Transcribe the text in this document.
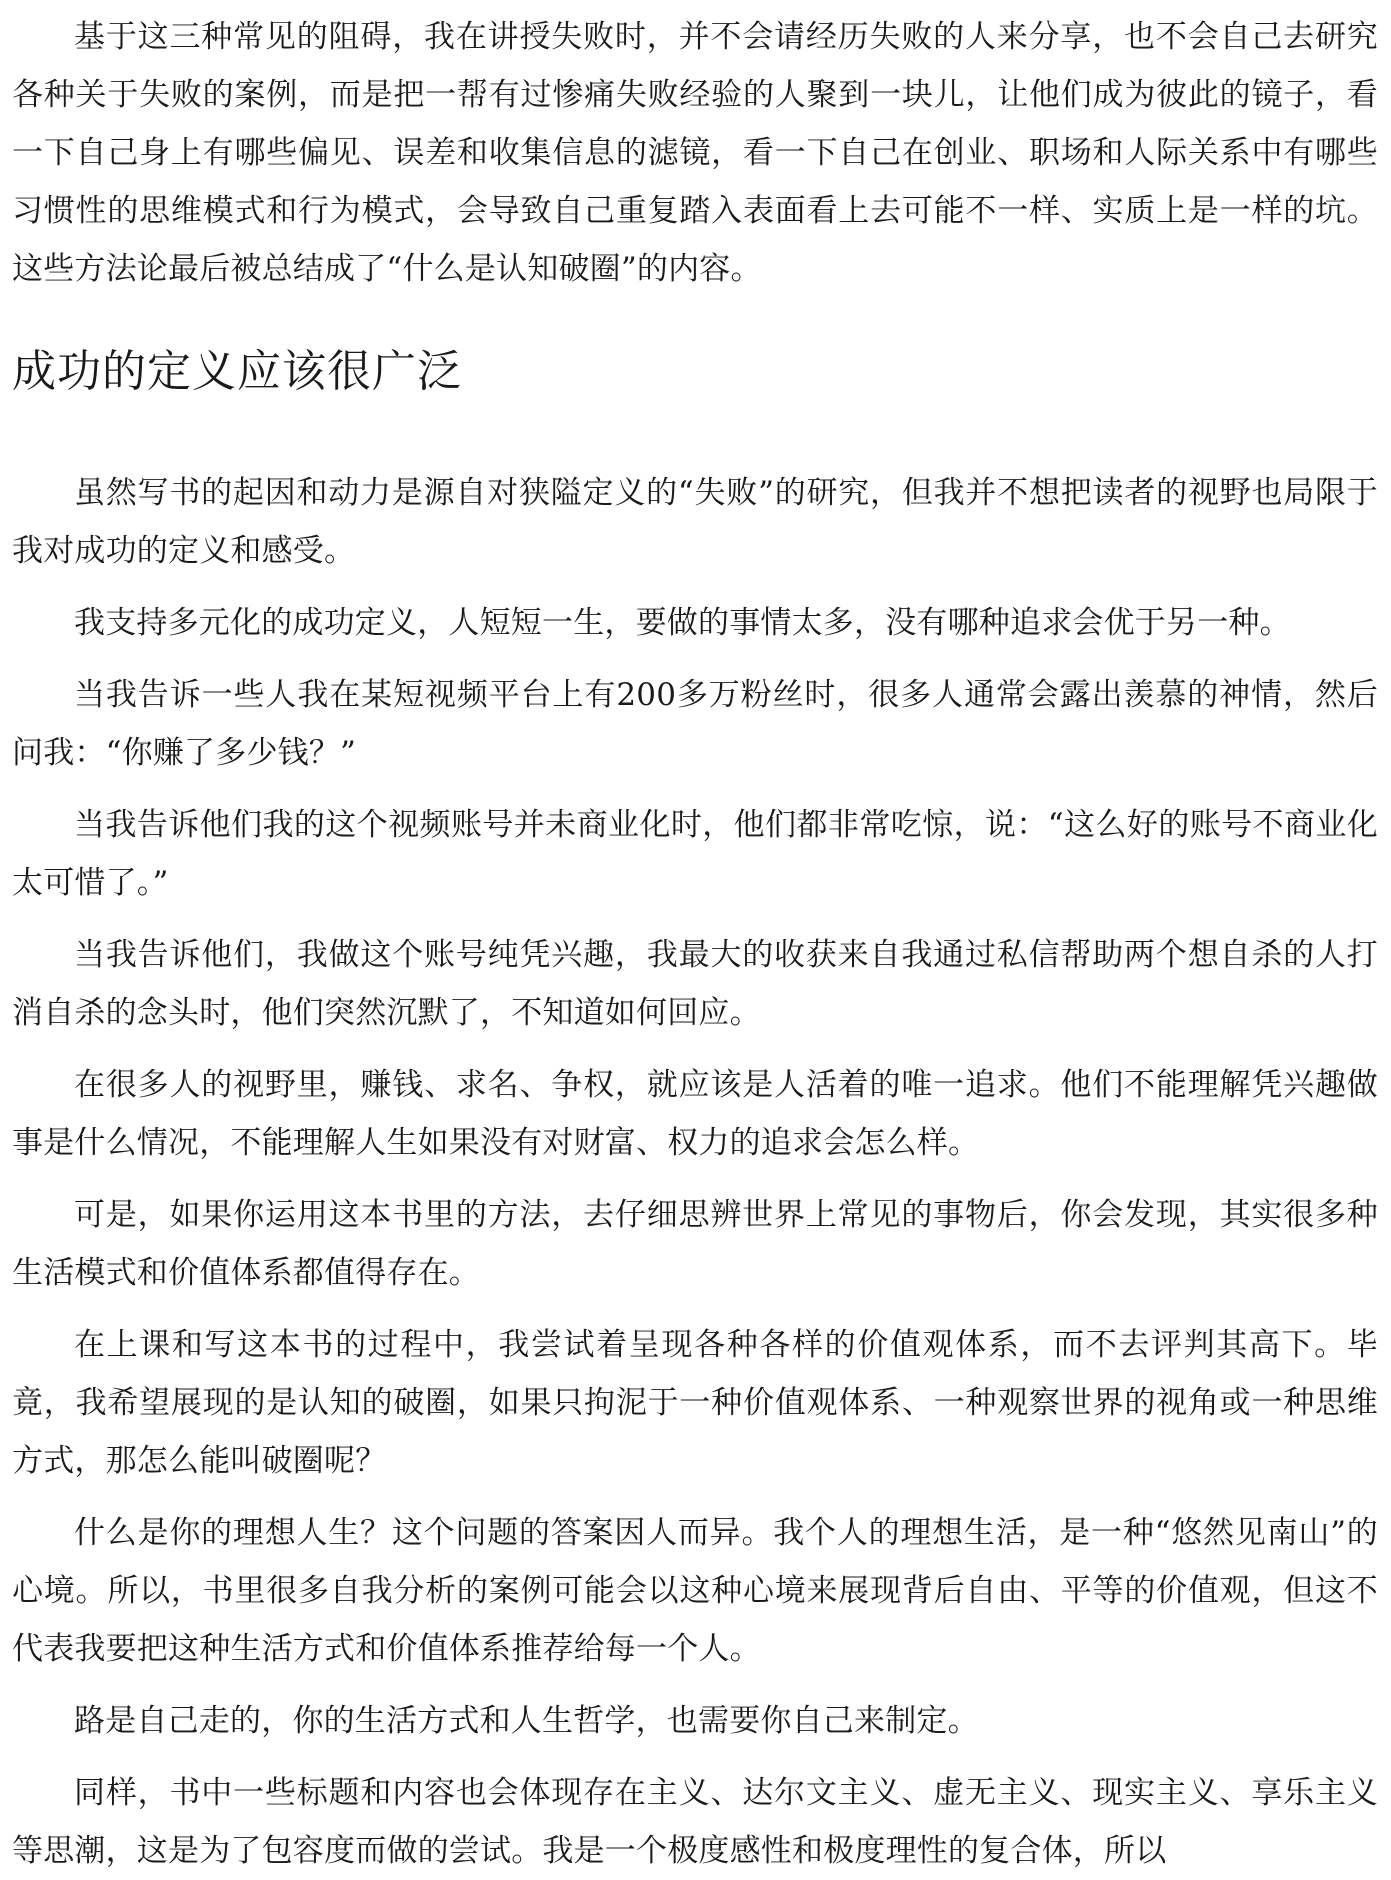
基于这三种常见的阻碍，我在讲授失败时，并不会请经历失败的人来分享，也不会自己去研究各种关于失败的案例，而是把一帮有过惨痛失败经验的人聚到一块儿，让他们成为彼此的镜子，看一下自己身上有哪些偏见、误差和收集信息的滤镜，看一下自己在创业、职场和人际关系中有哪些习惯性的思维模式和行为模式，会导致自己重复踏入表面看上去可能不一样、实质上是一样的坑。这些方法论最后被总结成了“什么是认知破圈”的内容。

成功的定义应该很广泛

虽然写书的起因和动力是源自对狭隘定义的“失败”的研究，但我并不想把读者的视野也局限于我对成功的定义和感受。

我支持多元化的成功定义，人短短一生，要做的事情太多，没有哪种追求会优于另一种。

当我告诉一些人我在某短视频平台上有200多万粉丝时，很多人通常会露出羡慕的神情，然后问我：“你赚了多少钱？”

当我告诉他们我的这个视频账号并未商业化时，他们都非常吃惊，说：“这么好的账号不商业化太可惜了。”

当我告诉他们，我做这个账号纯凭兴趣，我最大的收获来自我通过私信帮助两个想自杀的人打消自杀的念头时，他们突然沉默了，不知道如何回应。

在很多人的视野里，赚钱、求名、争权，就应该是人活着的唯一追求。他们不能理解凭兴趣做事是什么情况，不能理解人生如果没有对财富、权力的追求会怎么样。

可是，如果你运用这本书里的方法，去仔细思辨世界上常见的事物后，你会发现，其实很多种生活模式和价值体系都值得存在。

在上课和写这本书的过程中，我尝试着呈现各种各样的价值观体系，而不去评判其高下。毕竟，我希望展现的是认知的破圈，如果只拘泥于一种价值观体系、一种观察世界的视角或一种思维方式，那怎么能叫破圈呢？

什么是你的理想人生？这个问题的答案因人而异。我个人的理想生活，是一种“悠然见南山”的心境。所以，书里很多自我分析的案例可能会以这种心境来展现背后自由、平等的价值观，但这不代表我要把这种生活方式和价值体系推荐给每一个人。

路是自己走的，你的生活方式和人生哲学，也需要你自己来制定。

同样，书中一些标题和内容也会体现存在主义、达尔文主义、虚无主义、现实主义、享乐主义等思潮，这是为了包容度而做的尝试。我是一个极度感性和极度理性的复合体，所以
